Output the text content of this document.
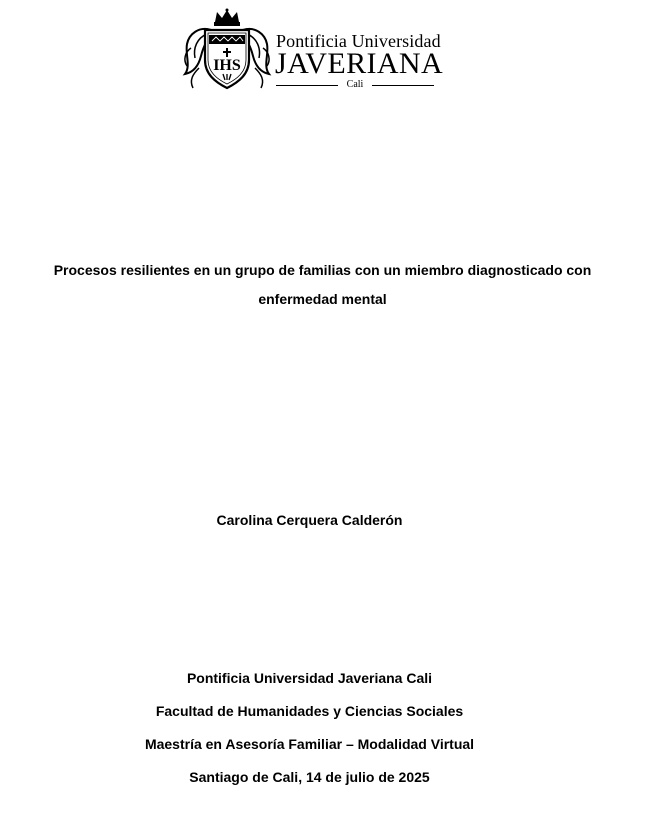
IHS
Pontificia Universidad
JAVERIANA
Cali
Procesos resilientes en un grupo de familias con un miembro diagnosticado con
enfermedad mental
Carolina Cerquera Calderón
Pontificia Universidad Javeriana Cali
Facultad de Humanidades y Ciencias Sociales
Maestría en Asesoría Familiar – Modalidad Virtual
Santiago de Cali, 14 de julio de 2025
